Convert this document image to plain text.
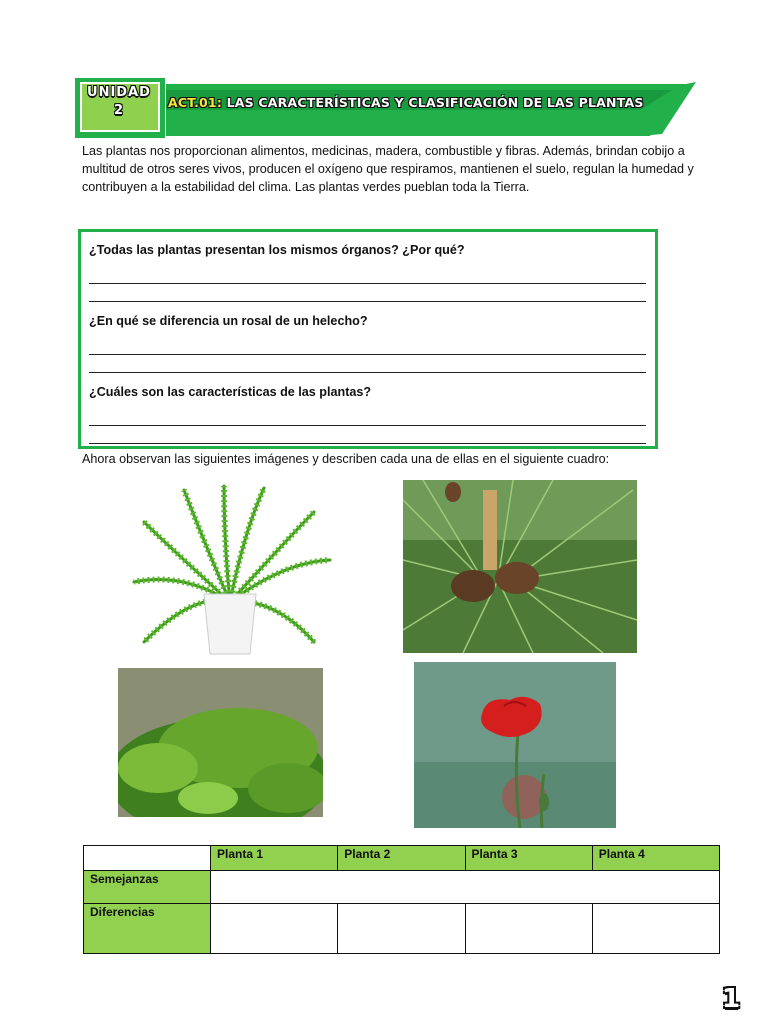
UNIDAD
2
ACT.01: LAS CARACTERÍSTICAS Y CLASIFICACIÓN DE LAS PLANTAS
Las plantas nos proporcionan alimentos, medicinas, madera, combustible y fibras. Además, brindan cobijo a multitud de otros seres vivos, producen el oxígeno que respiramos, mantienen el suelo, regulan la humedad y contribuyen a la estabilidad del clima. Las plantas verdes pueblan toda la Tierra.
¿Todas las plantas presentan los mismos órganos? ¿Por qué?
¿En qué se diferencia un rosal de un helecho?
¿Cuáles son las características de las plantas?
Ahora observan las siguientes imágenes y describen cada una de ellas en el siguiente cuadro:
	Planta 1	Planta 2	Planta 3	Planta 4
Semejanzas				
Diferencias				
1
